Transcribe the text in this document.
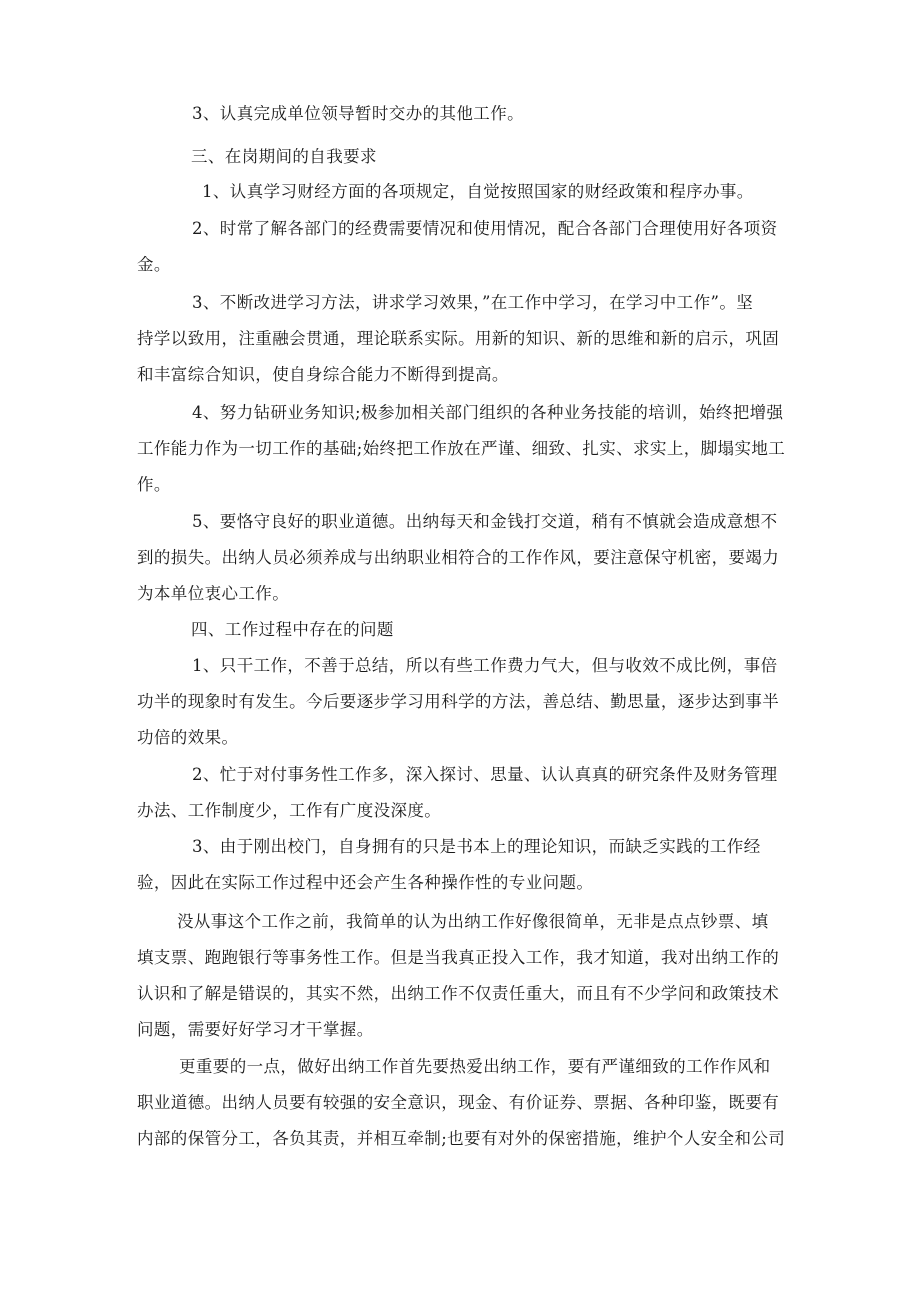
3、认真完成单位领导暂时交办的其他工作。

三、在岗期间的自我要求

1、认真学习财经方面的各项规定，自觉按照国家的财经政策和程序办事。

2、时常了解各部门的经费需要情况和使用情况，配合各部门合理使用好各项资
金。

3、不断改进学习方法，讲求学习效果，”在工作中学习，在学习中工作”。坚
持学以致用，注重融会贯通，理论联系实际。用新的知识、新的思维和新的启示，巩固
和丰富综合知识，使自身综合能力不断得到提高。

4、努力钻研业务知识;极参加相关部门组织的各种业务技能的培训，始终把增强
工作能力作为一切工作的基础;始终把工作放在严谨、细致、扎实、求实上，脚塌实地工
作。

5、要恪守良好的职业道德。出纳每天和金钱打交道，稍有不慎就会造成意想不
到的损失。出纳人员必须养成与出纳职业相符合的工作作风，要注意保守机密，要竭力
为本单位衷心工作。

四、工作过程中存在的问题

1、只干工作，不善于总结，所以有些工作费力气大，但与收效不成比例，事倍
功半的现象时有发生。今后要逐步学习用科学的方法，善总结、勤思量，逐步达到事半
功倍的效果。

2、忙于对付事务性工作多，深入探讨、思量、认认真真的研究条件及财务管理
办法、工作制度少，工作有广度没深度。

3、由于刚出校门，自身拥有的只是书本上的理论知识，而缺乏实践的工作经
验，因此在实际工作过程中还会产生各种操作性的专业问题。

没从事这个工作之前，我简单的认为出纳工作好像很简单，无非是点点钞票、填
填支票、跑跑银行等事务性工作。但是当我真正投入工作，我才知道，我对出纳工作的
认识和了解是错误的，其实不然，出纳工作不仅责任重大，而且有不少学问和政策技术
问题，需要好好学习才干掌握。

更重要的一点，做好出纳工作首先要热爱出纳工作，要有严谨细致的工作作风和
职业道德。出纳人员要有较强的安全意识，现金、有价证券、票据、各种印鉴，既要有
内部的保管分工，各负其责，并相互牵制;也要有对外的保密措施，维护个人安全和公司
